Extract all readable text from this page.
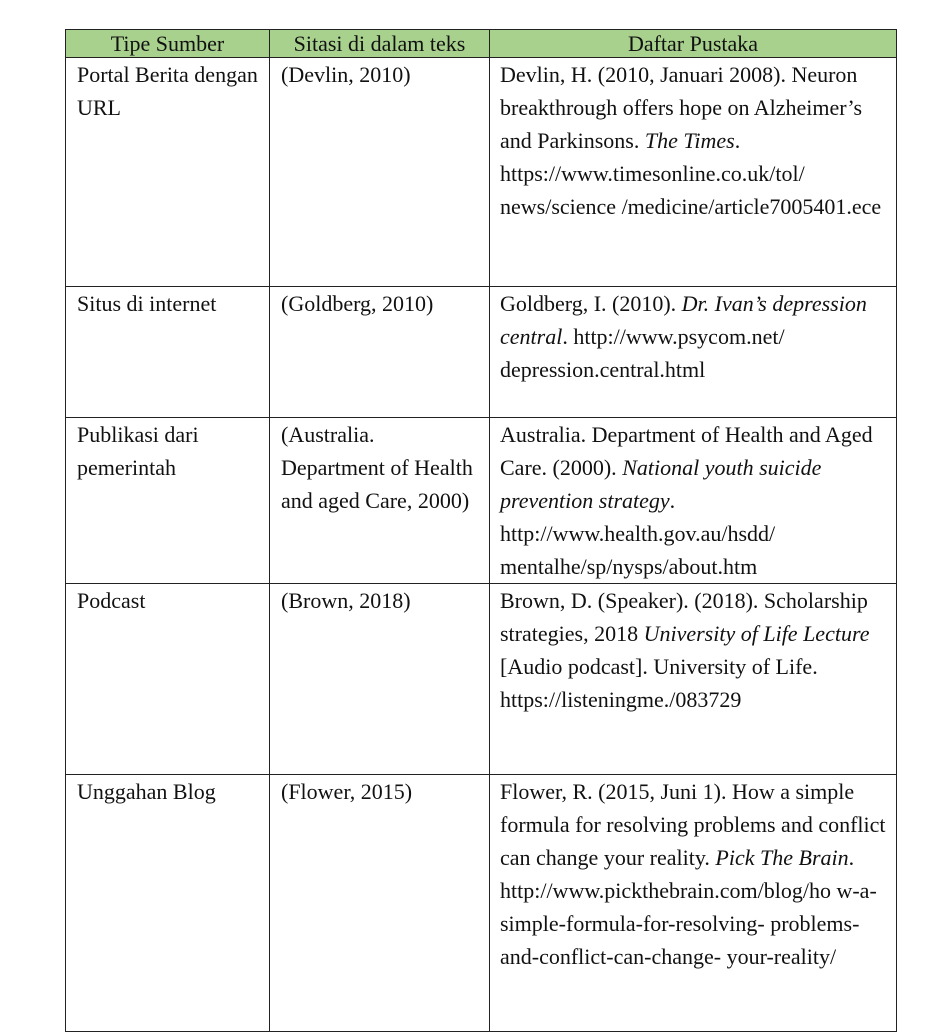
Tipe Sumber	Sitasi di dalam teks	Daftar Pustaka
Portal Berita dengan URL	(Devlin, 2010)	Devlin, H. (2010, Januari 2008). Neuron breakthrough offers hope on Alzheimer’s and Parkinsons. The Times. https://www.timesonline.co.uk/tol/ news/science /medicine/article7005401.ece
Situs di internet	(Goldberg, 2010)	Goldberg, I. (2010). Dr. Ivan’s depression central. http://www.psycom.net/ depression.central.html
Publikasi dari pemerintah	(Australia. Department of Health and aged Care, 2000)	Australia. Department of Health and Aged Care. (2000). National youth suicide prevention strategy. http://www.health.gov.au/hsdd/ mentalhe/sp/nysps/about.htm
Podcast	(Brown, 2018)	Brown, D. (Speaker). (2018). Scholarship strategies, 2018 University of Life Lecture [Audio podcast]. University of Life. https://listeningme./083729
Unggahan Blog	(Flower, 2015)	Flower, R. (2015, Juni 1). How a simple formula for resolving problems and conflict can change your reality. Pick The Brain. http://www.pickthebrain.com/blog/ho w-a-simple-formula-for-resolving- problems-and-conflict-can-change- your-reality/
